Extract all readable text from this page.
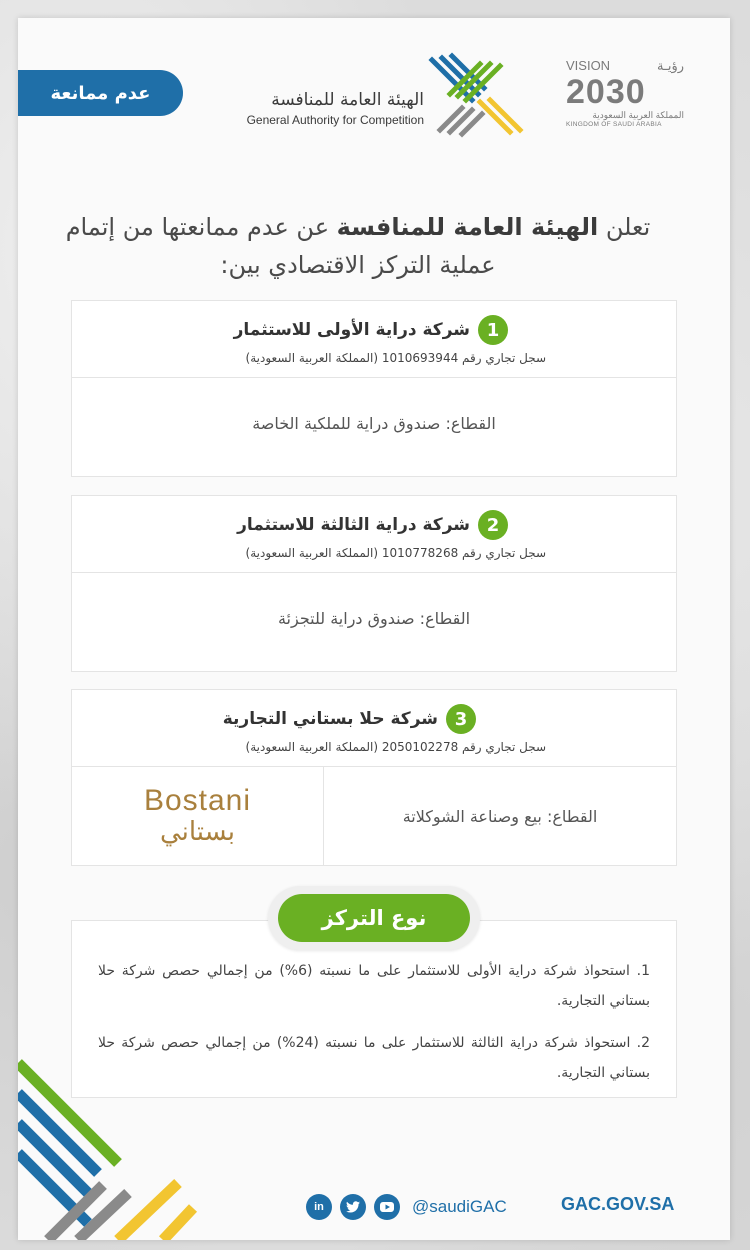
عدم ممانعة	الهيئة العامة للمنافسة
General Authority for Competition
VISION	رؤيـة
2030
المملكة العربية السعودية
KINGDOM OF SAUDI ARABIA
تعلن الهيئة العامة للمنافسة عن عدم ممانعتها من إتمام عملية التركز الاقتصادي بين:
1
شركة دراية الأولى للاستثمار
سجل تجاري رقم 1010693944 (المملكة العربية السعودية)
القطاع: صندوق دراية للملكية الخاصة
2
شركة دراية الثالثة للاستثمار
سجل تجاري رقم 1010778268 (المملكة العربية السعودية)
القطاع: صندوق دراية للتجزئة
3
شركة حلا بستاني التجارية
سجل تجاري رقم 2050102278 (المملكة العربية السعودية)
Bostani
بستاني
القطاع: بيع وصناعة الشوكلاتة
نوع التركز
1. استحواذ شركة دراية الأولى للاستثمار على ما نسبته (6%) من إجمالي حصص شركة حلا بستاني التجارية.
2. استحواذ شركة دراية الثالثة للاستثمار على ما نسبته (24%) من إجمالي حصص شركة حلا بستاني التجارية.
in	@saudiGAC	GAC.GOV.SA
